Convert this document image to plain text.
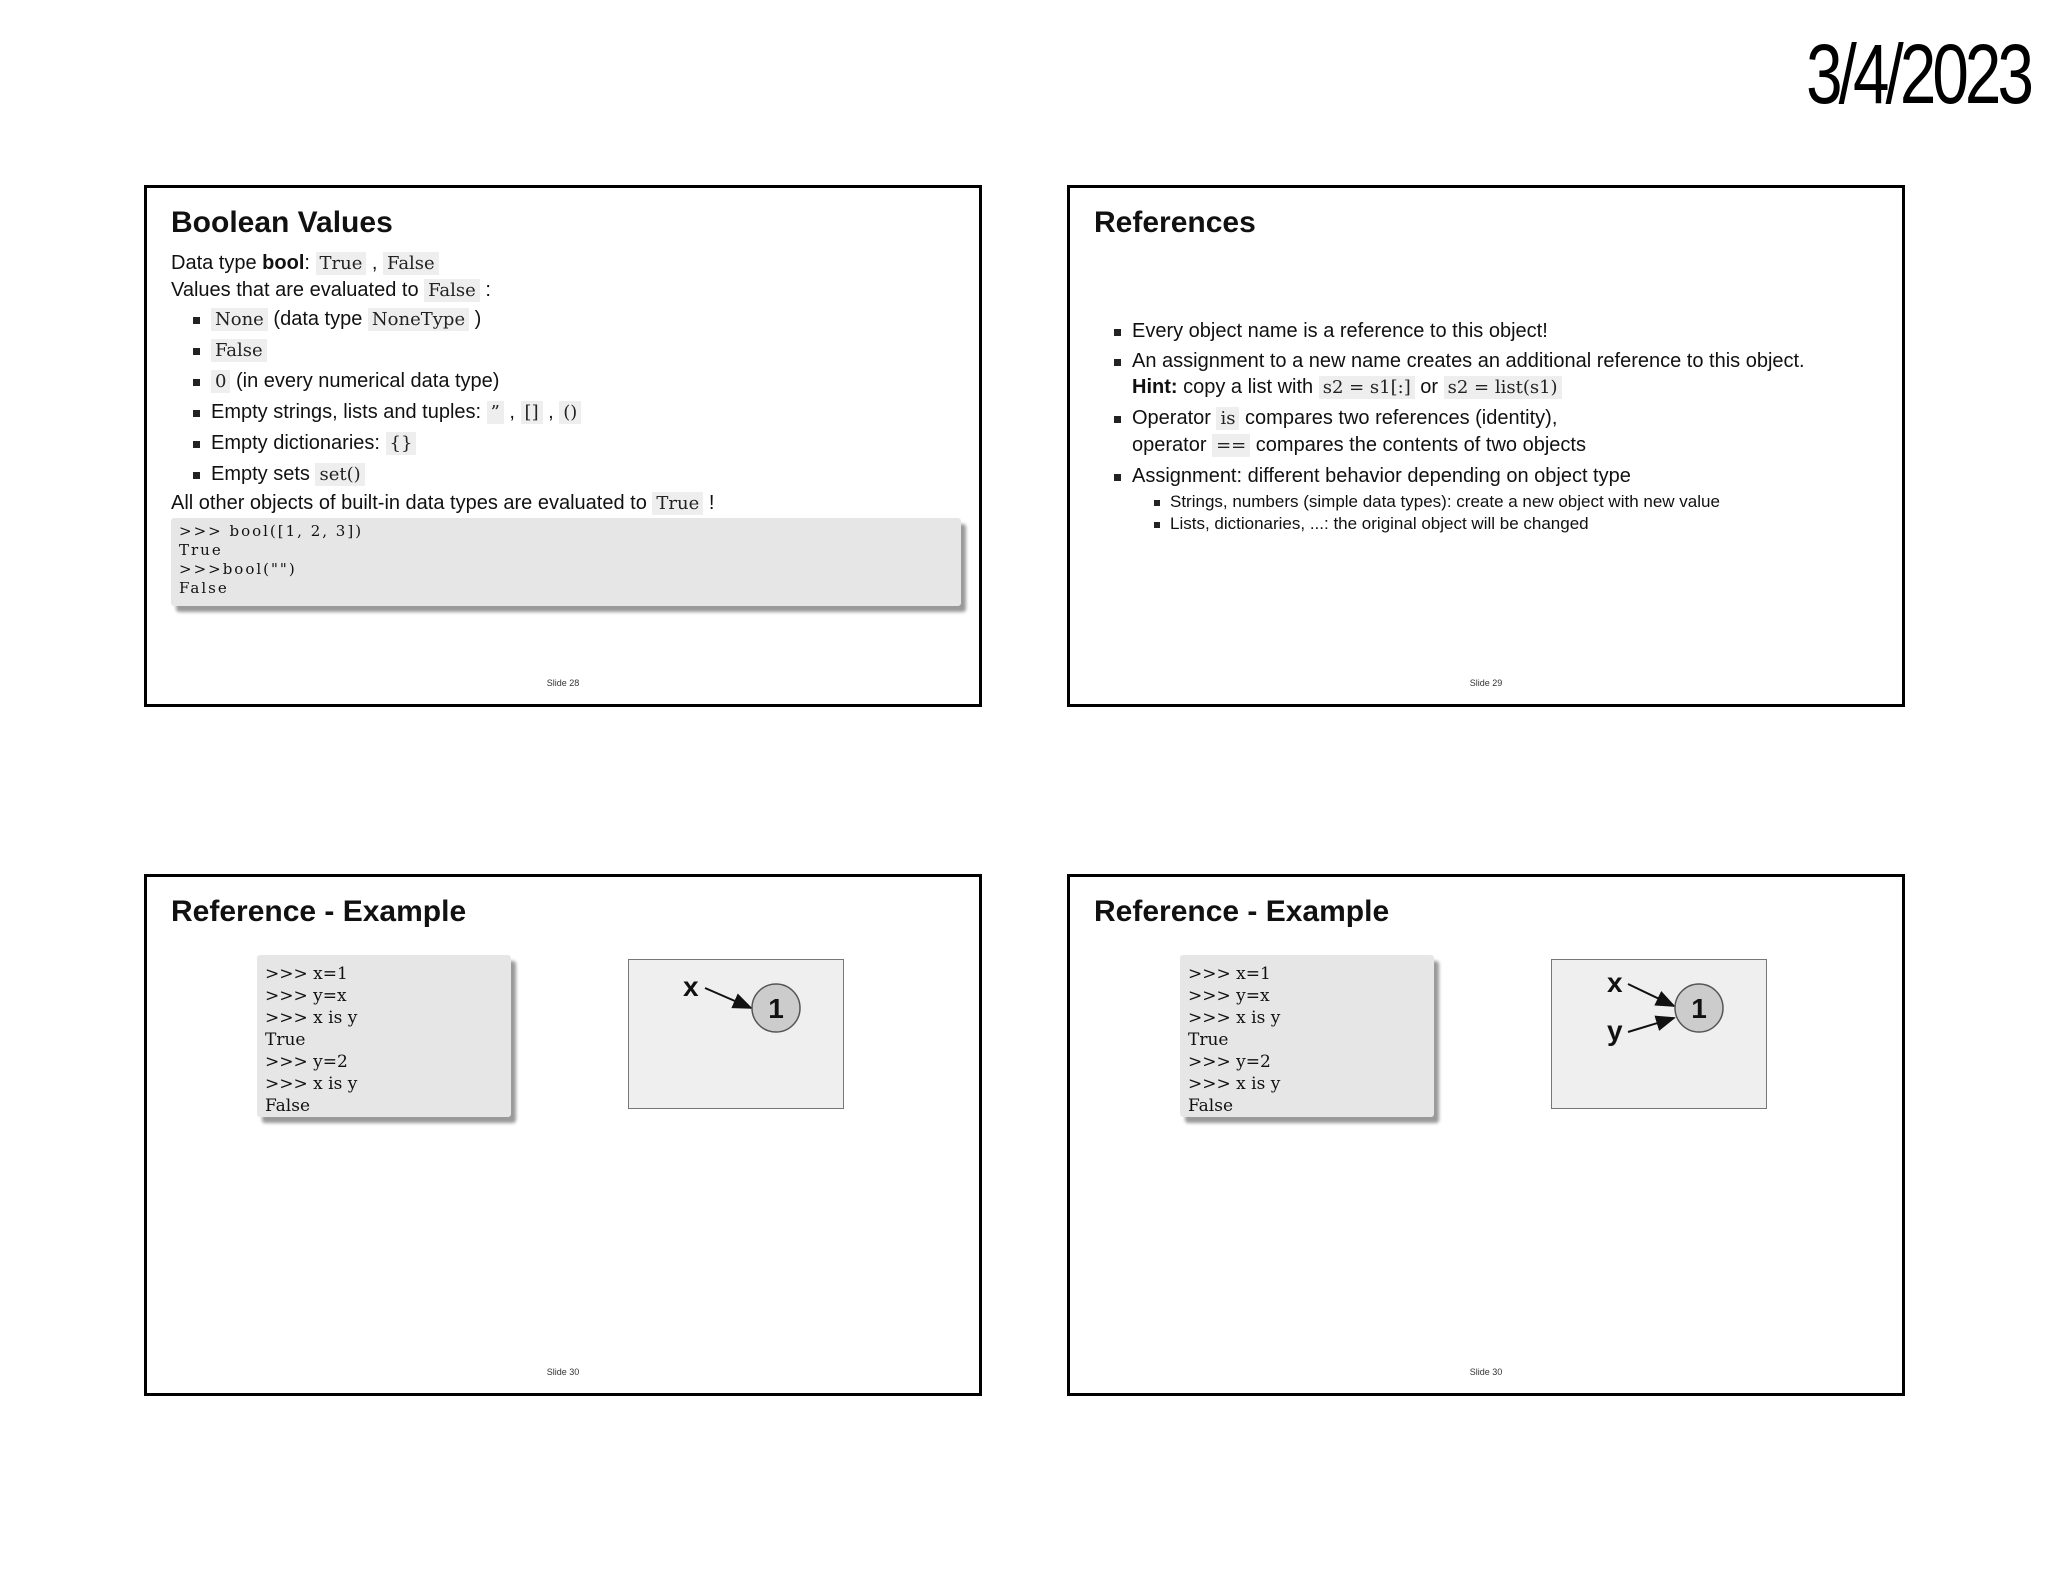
3/4/2023
Boolean Values
Data type bool: True , False
Values that are evaluated to False :
None (data type NoneType )
False
0 (in every numerical data type)
Empty strings, lists and tuples: ” , [] , ()
Empty dictionaries: {}
Empty sets set()
All other objects of built-in data types are evaluated to True !
>>> bool([1, 2, 3])
True
>>>bool("")
False
Slide 28
References
Every object name is a reference to this object!
An assignment to a new name creates an additional reference to this object.
Hint: copy a list with s2 = s1[:] or s2 = list(s1)
Operator is compares two references (identity),
operator == compares the contents of two objects
Assignment: different behavior depending on object type
Strings, numbers (simple data types): create a new object with new value
Lists, dictionaries, ...: the original object will be changed
Slide 29
Reference - Example
>>> x=1
>>> y=x
>>> x is y
True
>>> y=2
>>> x is y
False
x
1
Slide 30
Reference - Example
>>> x=1
>>> y=x
>>> x is y
True
>>> y=2
>>> x is y
False
x
y
1
Slide 30
